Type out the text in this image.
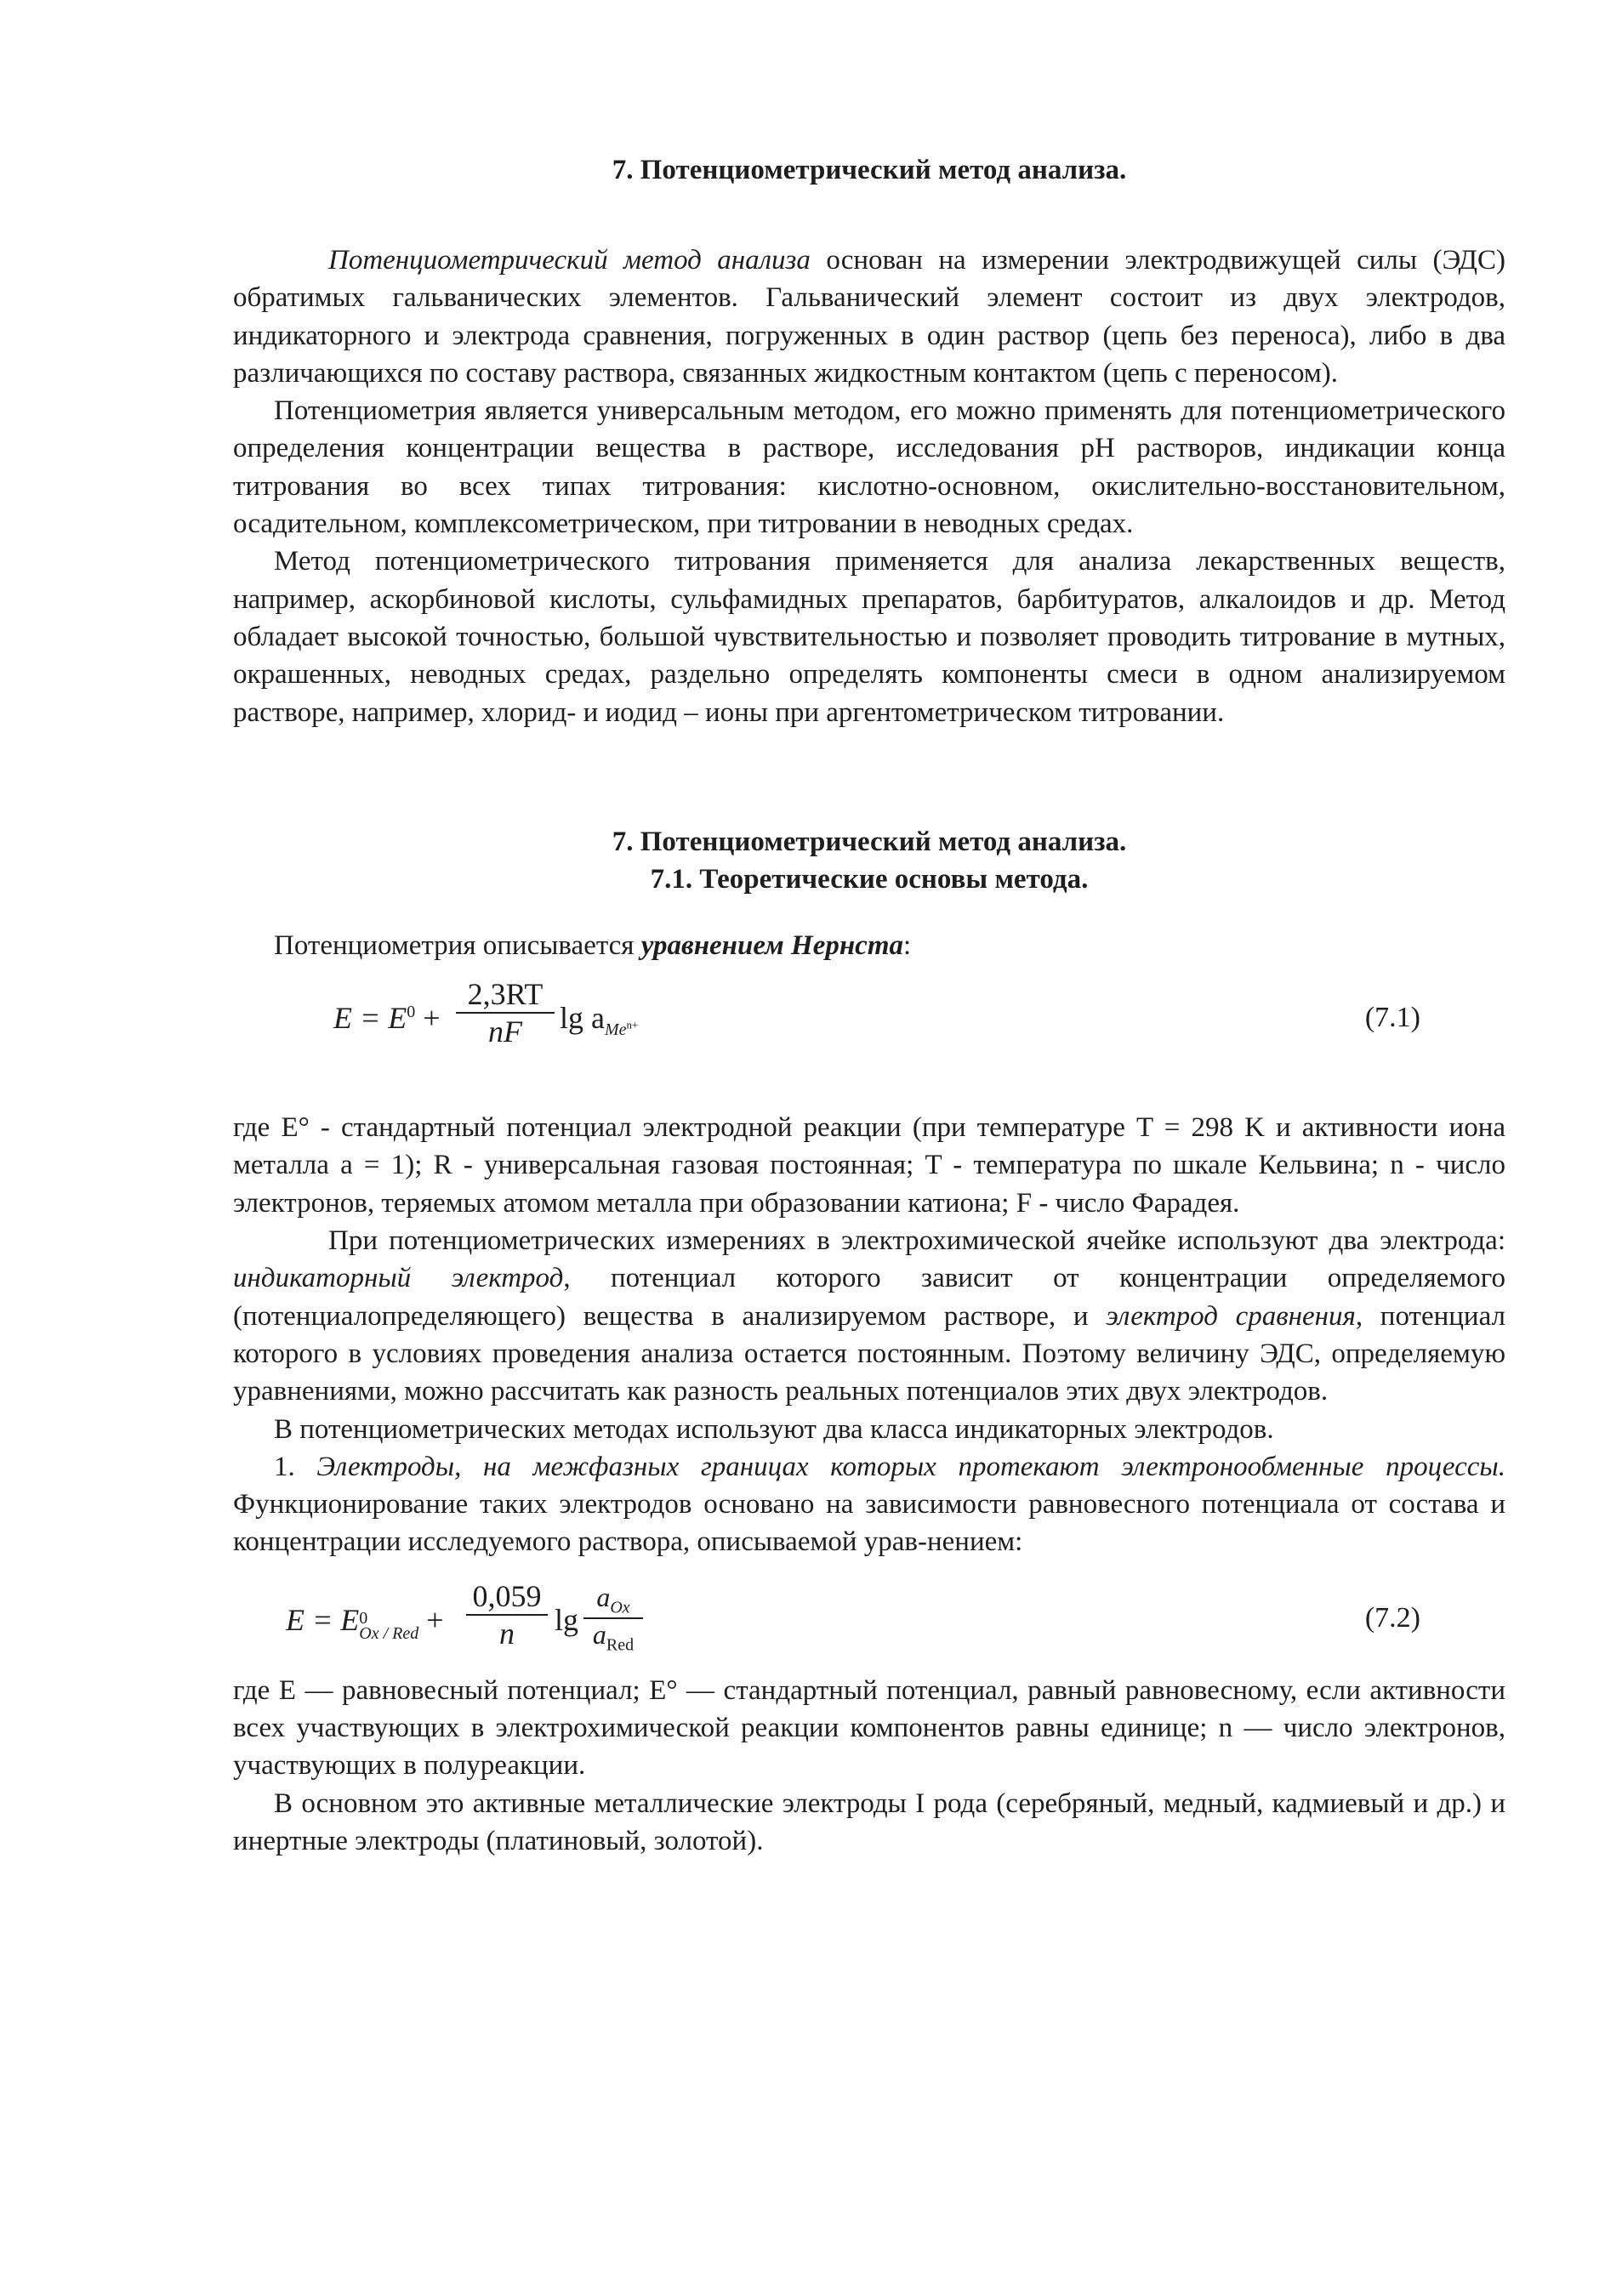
7. Потенциометрический метод анализа.

Потенциометрический метод анализа основан на измерении электродвижущей силы (ЭДС) обратимых гальванических элементов. Гальванический элемент состоит из двух электродов, индикаторного и электрода сравнения, погруженных в один раствор (цепь без переноса), либо в два различающихся по составу раствора, связанных жидкостным контактом (цепь с переносом).

Потенциометрия является универсальным методом, его можно применять для потенциометрического определения концентрации вещества в растворе, исследования pH растворов, индикации конца титрования во всех типах титрования: кислотно-основном, окислительно-восстановительном, осадительном, комплексометрическом, при титровании в неводных средах.

Метод потенциометрического титрования применяется для анализа лекарственных веществ, например, аскорбиновой кислоты, сульфамидных препаратов, барбитуратов, алкалоидов и др. Метод обладает высокой точностью, большой чувствительностью и позволяет проводить титрование в мутных, окрашенных, неводных средах, раздельно определять компоненты смеси в одном анализируемом растворе, например, хлорид- и иодид – ионы при аргентометрическом титровании.

7. Потенциометрический метод анализа.
7.1. Теоретические основы метода.

Потенциометрия описывается уравнением Нернста:

$E = E^0 + \frac{2,3RT}{nF}$ $\lg a_{Me^{n+}}$	(7.1)

где E° - стандартный потенциал электродной реакции (при температуре T = 298 K и активности иона металла a = 1); R - универсальная газовая постоянная; T - температура по шкале Кельвина; n - число электронов, теряемых атомом металла при образовании катиона; F - число Фарадея.

При потенциометрических измерениях в электрохимической ячейке используют два электрода: индикаторный электрод, потенциал которого зависит от концентрации определяемого (потенциалопределяющего) вещества в анализируемом растворе, и электрод сравнения, потенциал которого в условиях проведения анализа остается постоянным. Поэтому величину ЭДС, определяемую уравнениями, можно рассчитать как разность реальных потенциалов этих двух электродов.

В потенциометрических методах используют два класса индикаторных электродов.

1. Электроды, на межфазных границах которых протекают электронообменные процессы. Функционирование таких электродов основано на зависимости равновесного потенциала от состава и концентрации исследуемого раствора, описываемой урав-нением:

E = E0
Ox / Red + $\frac{0,059}{n}$ lg
$a_{Ox}$
$a_{Red}$
(7.2)

где E — равновесный потенциал; E° — стандартный потенциал, равный равновесному, если активности всех участвующих в электрохимической реакции компонентов равны единице; n — число электронов, участвующих в полуреакции.

В основном это активные металлические электроды I рода (серебряный, медный, кадмиевый и др.) и инертные электроды (платиновый, золотой).
